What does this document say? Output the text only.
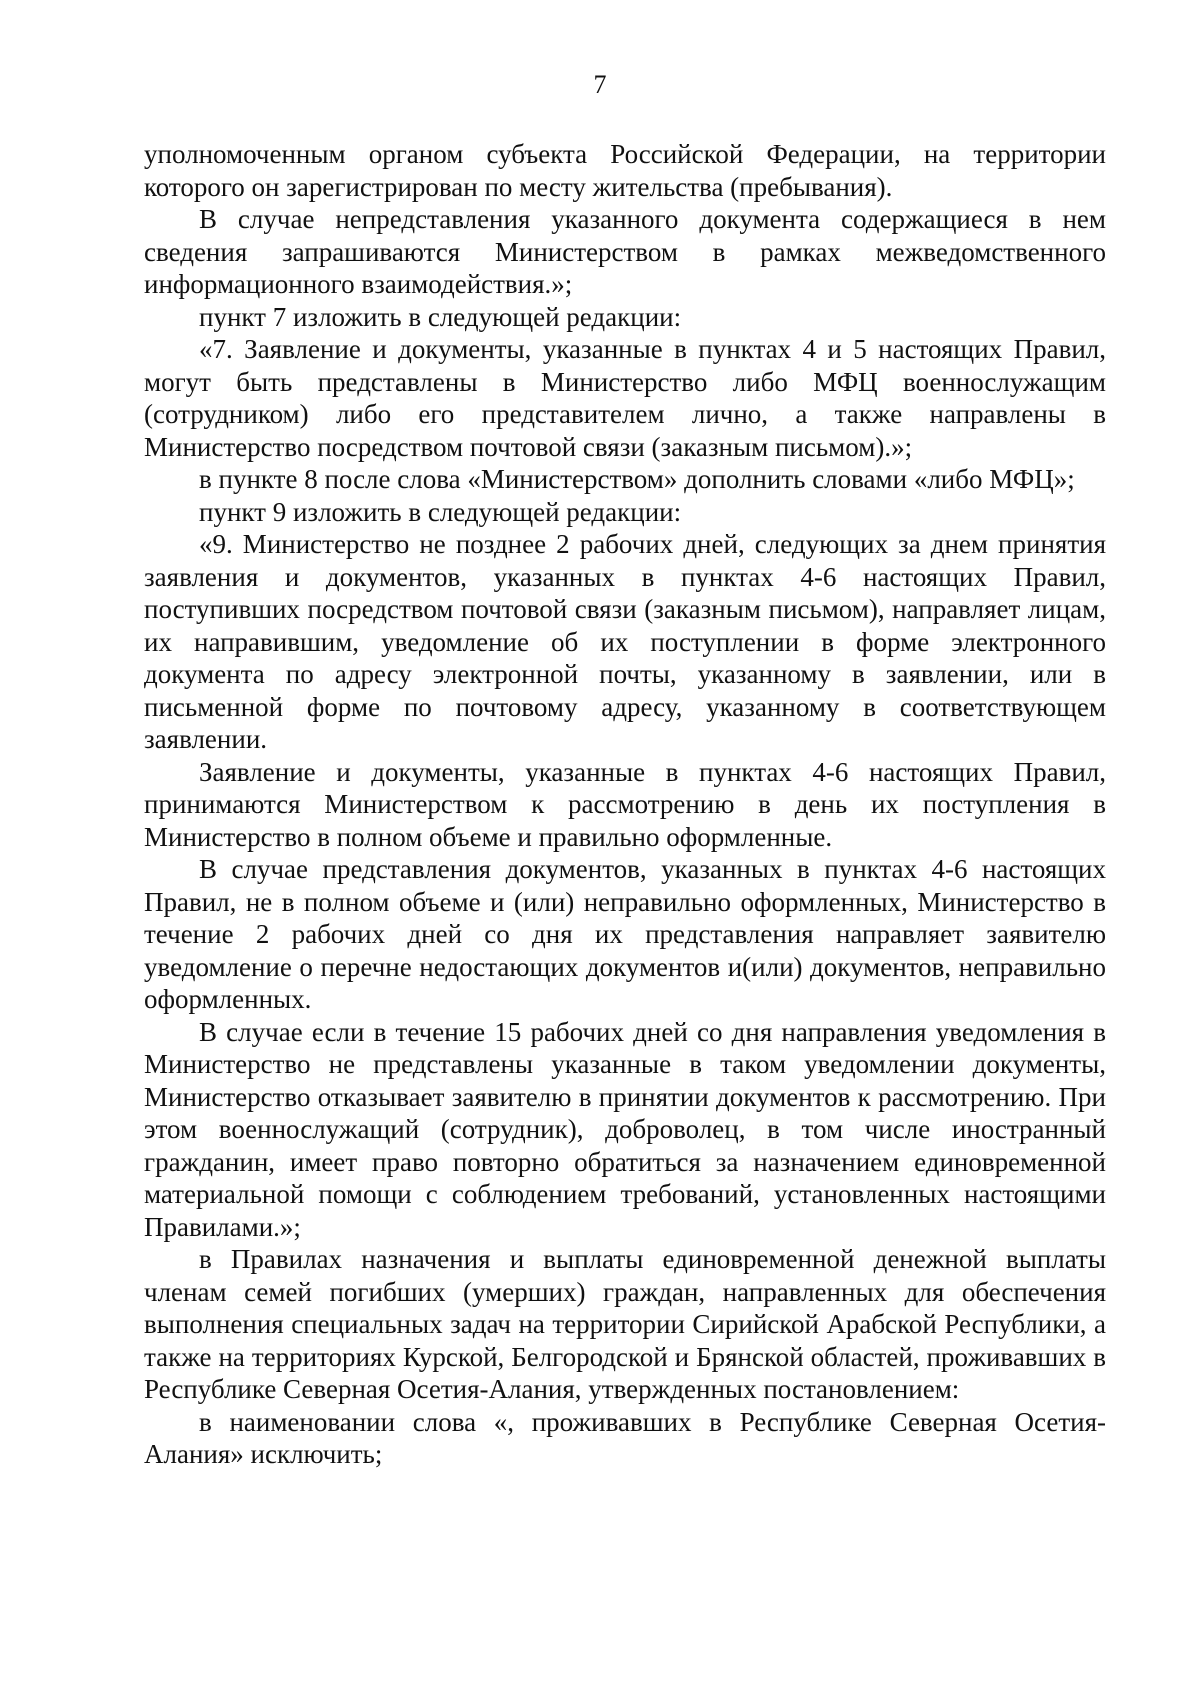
7

уполномоченным органом субъекта Российской Федерации, на территории которого он зарегистрирован по месту жительства (пребывания).

В случае непредставления указанного документа содержащиеся в нем сведения запрашиваются Министерством в рамках межведомственного информационного взаимодействия.»;

пункт 7 изложить в следующей редакции:

«7. Заявление и документы, указанные в пунктах 4 и 5 настоящих Правил, могут быть представлены в Министерство либо МФЦ военнослужащим (сотрудником) либо его представителем лично, а также направлены в Министерство посредством почтовой связи (заказным письмом).»;

в пункте 8 после слова «Министерством» дополнить словами «либо МФЦ»;

пункт 9 изложить в следующей редакции:

«9. Министерство не позднее 2 рабочих дней, следующих за днем принятия заявления и документов, указанных в пунктах 4-6 настоящих Правил, поступивших посредством почтовой связи (заказным письмом), направляет лицам, их направившим, уведомление об их поступлении в форме электронного документа по адресу электронной почты, указанному в заявлении, или в письменной форме по почтовому адресу, указанному в соответствующем заявлении.

Заявление и документы, указанные в пунктах 4-6 настоящих Правил, принимаются Министерством к рассмотрению в день их поступления в Министерство в полном объеме и правильно оформленные.

В случае представления документов, указанных в пунктах 4-6 настоящих Правил, не в полном объеме и (или) неправильно оформленных, Министерство в течение 2 рабочих дней со дня их представления направляет заявителю уведомление о перечне недостающих документов и(или) документов, неправильно оформленных.

В случае если в течение 15 рабочих дней со дня направления уведомления в Министерство не представлены указанные в таком уведомлении документы, Министерство отказывает заявителю в принятии документов к рассмотрению. При этом военнослужащий (сотрудник), доброволец, в том числе иностранный гражданин, имеет право повторно обратиться за назначением единовременной материальной помощи с соблюдением требований, установленных настоящими Правилами.»;

в Правилах назначения и выплаты единовременной денежной выплаты членам семей погибших (умерших) граждан, направленных для обеспечения выполнения специальных задач на территории Сирийской Арабской Республики, а также на территориях Курской, Белгородской и Брянской областей, проживавших в Республике Северная Осетия-Алания, утвержденных постановлением:

в наименовании слова «, проживавших в Республике Северная Осетия-Алания» исключить;
